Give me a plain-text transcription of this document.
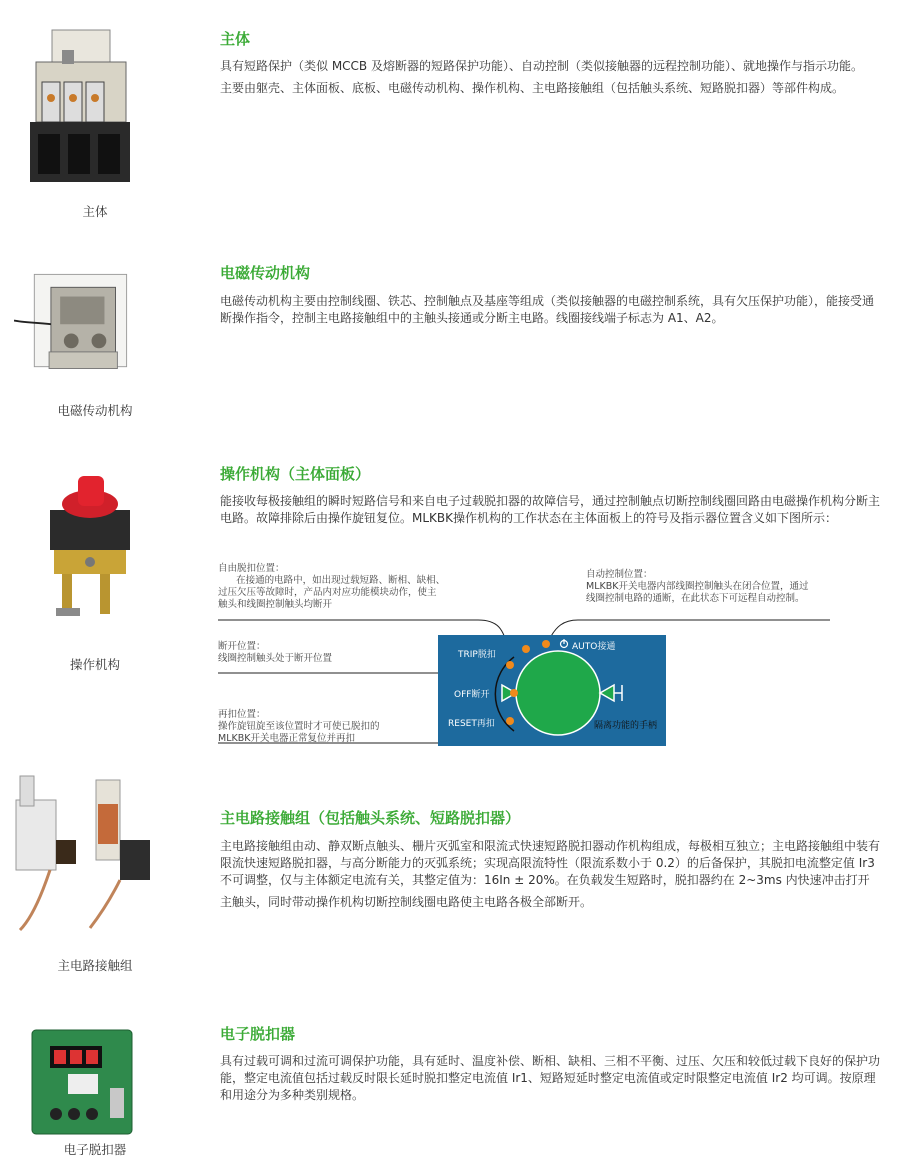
主体
主体

具有短路保护（类似 MCCB 及熔断器的短路保护功能）、自动控制（类似接触器的远程控制功能）、就地操作与指示功能。

主要由躯壳、主体面板、底板、电磁传动机构、操作机构、主电路接触组（包括触头系统、短路脱扣器）等部件构成。

电磁传动机构
电磁传动机构

电磁传动机构主要由控制线圈、铁芯、控制触点及基座等组成（类似接触器的电磁控制系统，具有欠压保护功能），能接受通断操作指令，控制主电路接触组中的主触头接通或分断主电路。线圈接线端子标志为 A1、A2。

操作机构
操作机构（主体面板）

能接收每极接触组的瞬时短路信号和来自电子过载脱扣器的故障信号，通过控制触点切断控制线圈回路由电磁操作机构分断主电路。故障排除后由操作旋钮复位。MLKBK操作机构的工作状态在主体面板上的符号及指示器位置含义如下图所示：

自由脱扣位置：
在接通的电路中，如出现过载短路、断相、缺相、
过压欠压等故障时，产品内对应功能模块动作，使主
触头和线圈控制触头均断开
自动控制位置：
MLKBK开关电器内部线圈控制触头在闭合位置，通过
线圈控制电路的通断，在此状态下可远程自动控制。
断开位置：
线圈控制触头处于断开位置
再扣位置：
操作旋钮旋至该位置时才可使已脱扣的
MLKBK开关电器正常复位并再扣
TRIP脱扣
AUTO接通
OFF断开
RESET再扣	隔离功能的手柄
主电路接触组
主电路接触组（包括触头系统、短路脱扣器）

主电路接触组由动、静双断点触头、栅片灭弧室和限流式快速短路脱扣器动作机构组成，每极相互独立；主电路接触组中装有限流快速短路脱扣器，与高分断能力的灭弧系统；实现高限流特性（限流系数小于 0.2）的后备保护，其脱扣电流整定值 Ir3 不可调整，仅与主体额定电流有关，其整定值为：16In ± 20%。在负载发生短路时，脱扣器约在 2~3ms 内快速冲击打开

主触头，同时带动操作机构切断控制线圈电路使主电路各极全部断开。

电子脱扣器
电子脱扣器

具有过载可调和过流可调保护功能，具有延时、温度补偿、断相、缺相、三相不平衡、过压、欠压和较低过载下良好的保护功能，整定电流值包括过载反时限长延时脱扣整定电流值 Ir1、短路短延时整定电流值或定时限整定电流值 Ir2 均可调。按原理和用途分为多种类别规格。
